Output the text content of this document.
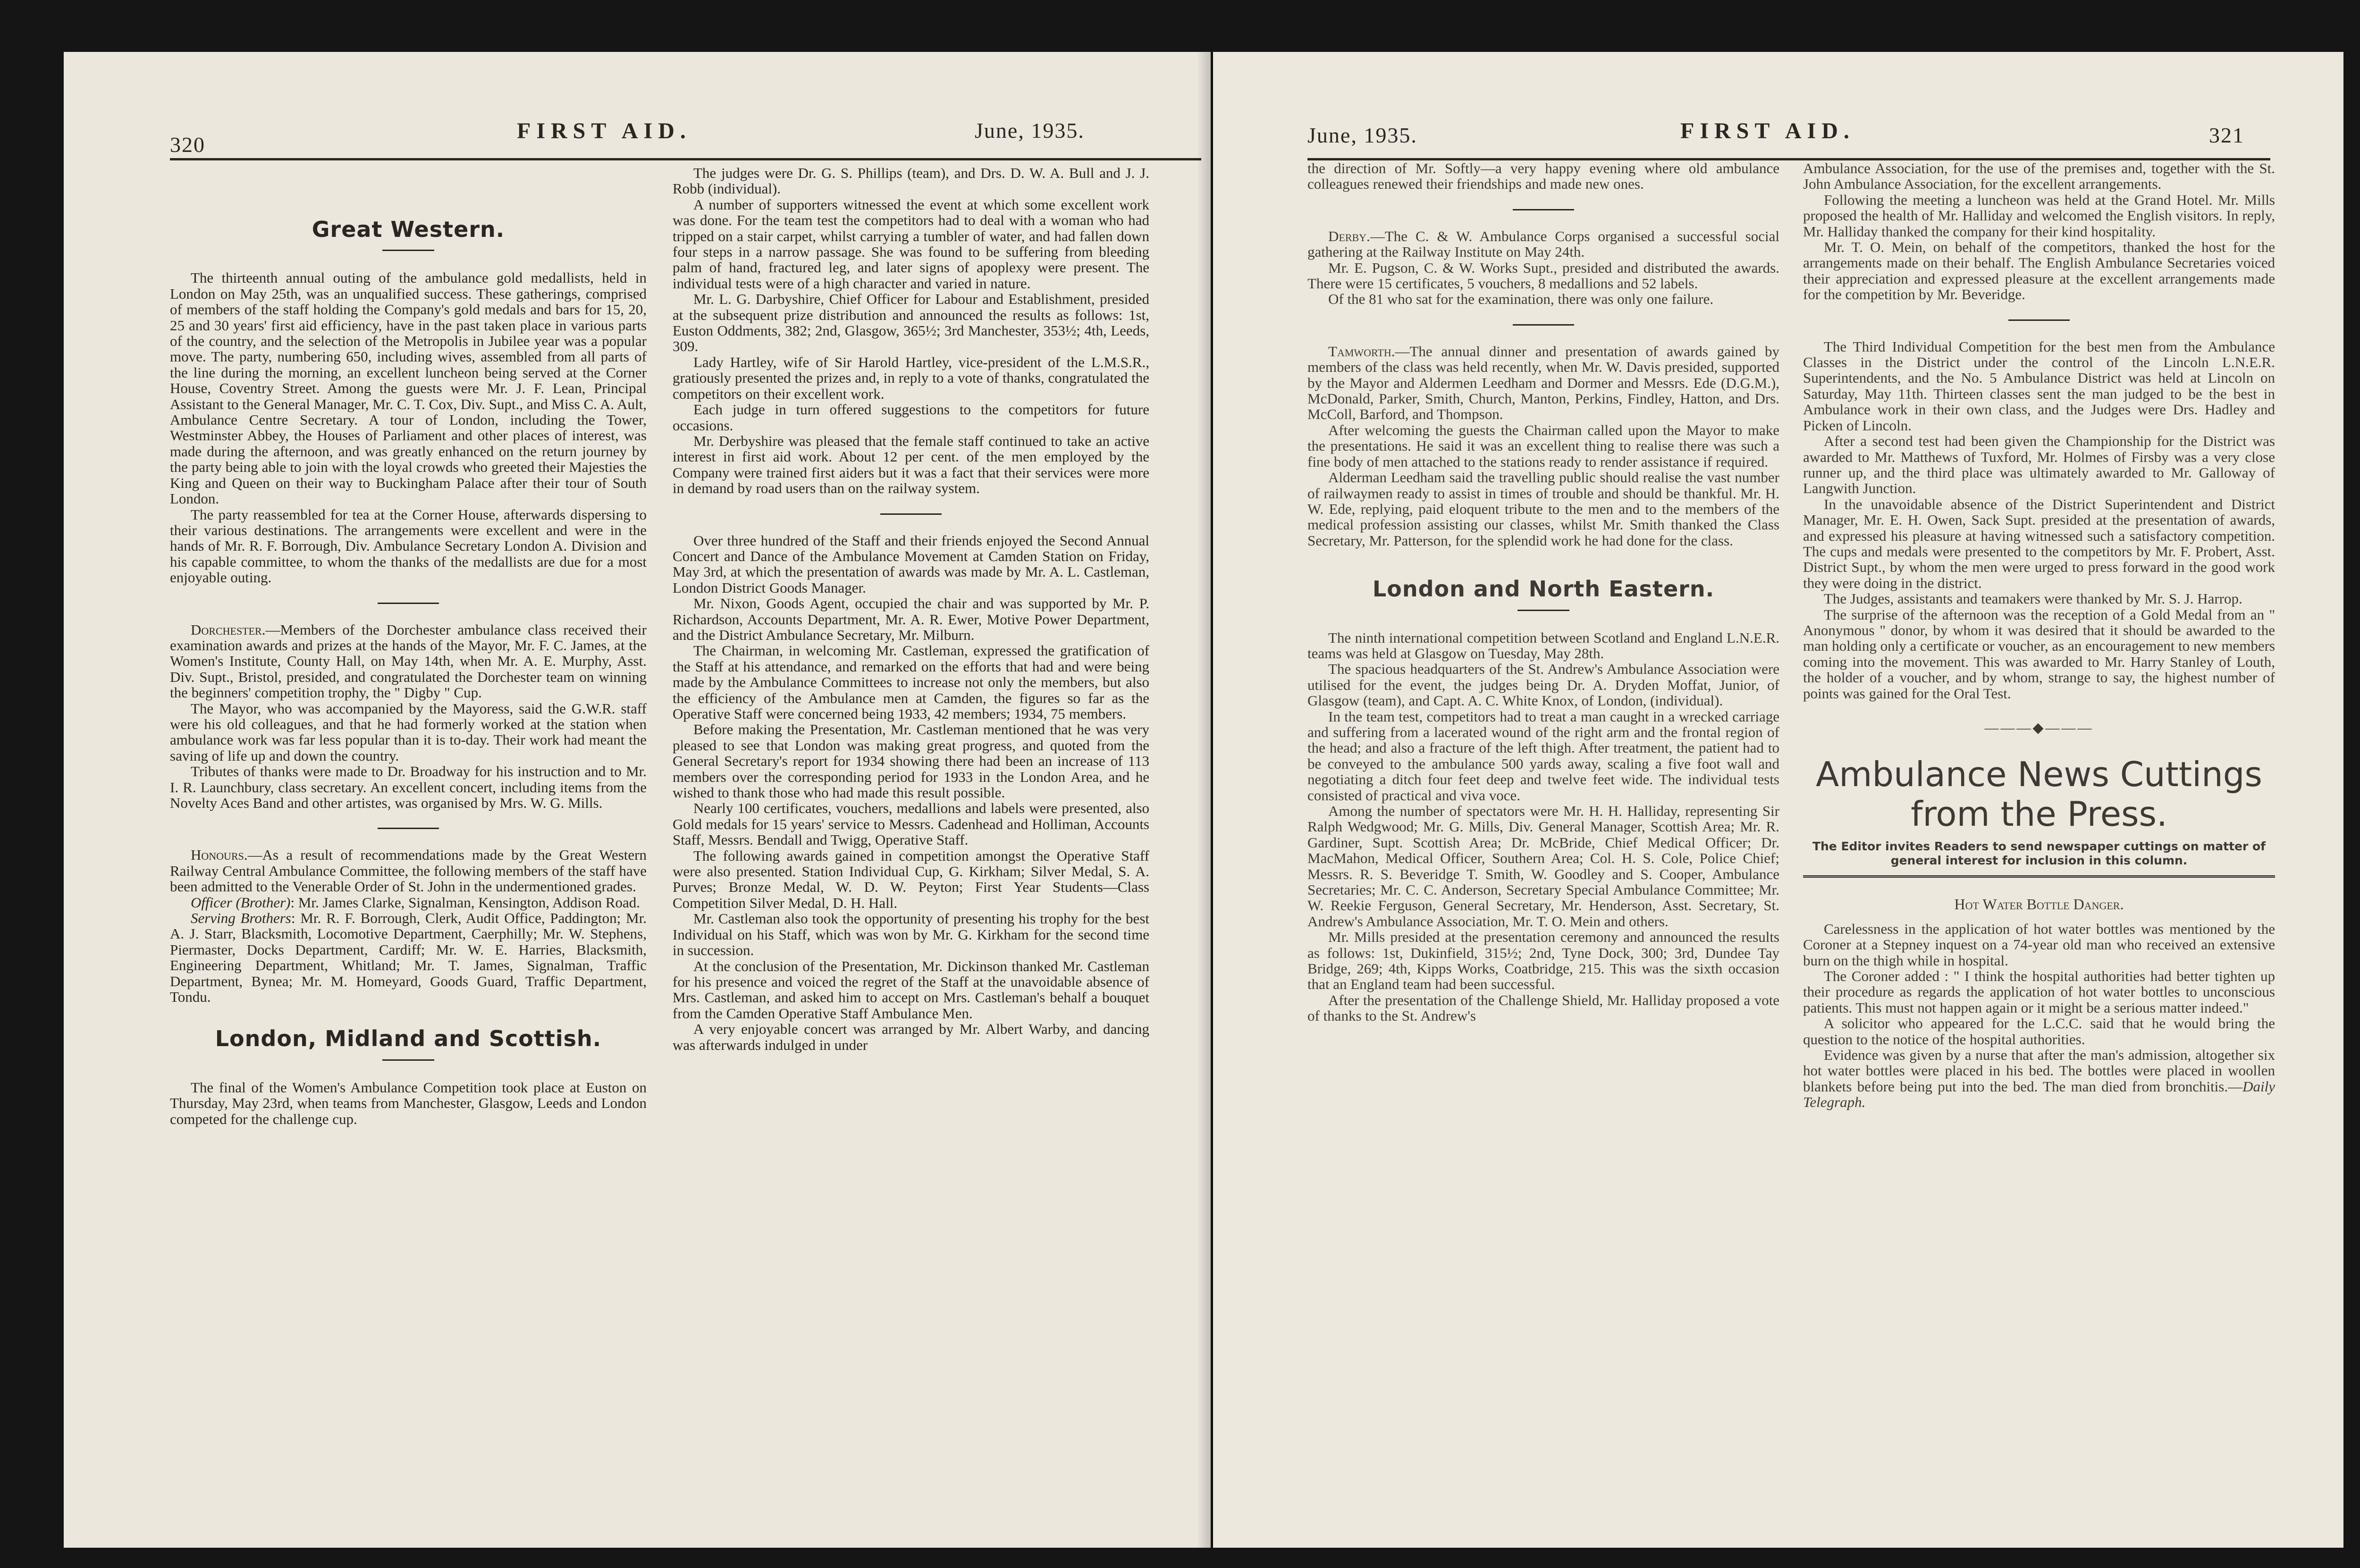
320
FIRST AID.	June, 1935.
Great Western.

The thirteenth annual outing of the ambulance gold medallists, held in London on May 25th, was an unqualified success. These gatherings, comprised of members of the staff holding the Company's gold medals and bars for 15, 20, 25 and 30 years' first aid efficiency, have in the past taken place in various parts of the country, and the selection of the Metropolis in Jubilee year was a popular move. The party, numbering 650, including wives, assembled from all parts of the line during the morning, an excellent luncheon being served at the Corner House, Coventry Street. Among the guests were Mr. J. F. Lean, Principal Assistant to the General Manager, Mr. C. T. Cox, Div. Supt., and Miss C. A. Ault, Ambulance Centre Secretary. A tour of London, including the Tower, Westminster Abbey, the Houses of Parliament and other places of interest, was made during the afternoon, and was greatly enhanced on the return journey by the party being able to join with the loyal crowds who greeted their Majesties the King and Queen on their way to Buckingham Palace after their tour of South London.

The party reassembled for tea at the Corner House, afterwards dispersing to their various destinations. The arrangements were excellent and were in the hands of Mr. R. F. Borrough, Div. Ambulance Secretary London A. Division and his capable committee, to whom the thanks of the medallists are due for a most enjoyable outing.

Dorchester.—Members of the Dorchester ambulance class received their examination awards and prizes at the hands of the Mayor, Mr. F. C. James, at the Women's Institute, County Hall, on May 14th, when Mr. A. E. Murphy, Asst. Div. Supt., Bristol, presided, and congratulated the Dorchester team on winning the beginners' competition trophy, the " Digby " Cup.

The Mayor, who was accompanied by the Mayoress, said the G.W.R. staff were his old colleagues, and that he had formerly worked at the station when ambulance work was far less popular than it is to-day. Their work had meant the saving of life up and down the country.

Tributes of thanks were made to Dr. Broadway for his instruction and to Mr. I. R. Launchbury, class secretary. An excellent concert, including items from the Novelty Aces Band and other artistes, was organised by Mrs. W. G. Mills.

Honours.—As a result of recommendations made by the Great Western Railway Central Ambulance Committee, the following members of the staff have been admitted to the Venerable Order of St. John in the undermentioned grades.

Officer (Brother): Mr. James Clarke, Signalman, Kensington, Addison Road.

Serving Brothers: Mr. R. F. Borrough, Clerk, Audit Office, Paddington; Mr. A. J. Starr, Blacksmith, Locomotive Department, Caerphilly; Mr. W. Stephens, Piermaster, Docks Department, Cardiff; Mr. W. E. Harries, Blacksmith, Engineering Department, Whitland; Mr. T. James, Signalman, Traffic Department, Bynea; Mr. M. Homeyard, Goods Guard, Traffic Department, Tondu.

London, Midland and Scottish.

The final of the Women's Ambulance Competition took place at Euston on Thursday, May 23rd, when teams from Manchester, Glasgow, Leeds and London competed for the challenge cup.

The judges were Dr. G. S. Phillips (team), and Drs. D. W. A. Bull and J. J. Robb (individual).

A number of supporters witnessed the event at which some excellent work was done. For the team test the competitors had to deal with a woman who had tripped on a stair carpet, whilst carrying a tumbler of water, and had fallen down four steps in a narrow passage. She was found to be suffering from bleeding palm of hand, fractured leg, and later signs of apoplexy were present. The individual tests were of a high character and varied in nature.

Mr. L. G. Darbyshire, Chief Officer for Labour and Establishment, presided at the subsequent prize distribution and announced the results as follows: 1st, Euston Oddments, 382; 2nd, Glasgow, 365½; 3rd Manchester, 353½; 4th, Leeds, 309.

Lady Hartley, wife of Sir Harold Hartley, vice-president of the L.M.S.R., gratiously presented the prizes and, in reply to a vote of thanks, congratulated the competitors on their excellent work.

Each judge in turn offered suggestions to the competitors for future occasions.

Mr. Derbyshire was pleased that the female staff continued to take an active interest in first aid work. About 12 per cent. of the men employed by the Company were trained first aiders but it was a fact that their services were more in demand by road users than on the railway system.

Over three hundred of the Staff and their friends enjoyed the Second Annual Concert and Dance of the Ambulance Movement at Camden Station on Friday, May 3rd, at which the presentation of awards was made by Mr. A. L. Castleman, London District Goods Manager.

Mr. Nixon, Goods Agent, occupied the chair and was supported by Mr. P. Richardson, Accounts Department, Mr. A. R. Ewer, Motive Power Department, and the District Ambulance Secretary, Mr. Milburn.

The Chairman, in welcoming Mr. Castleman, expressed the gratification of the Staff at his attendance, and remarked on the efforts that had and were being made by the Ambulance Committees to increase not only the members, but also the efficiency of the Ambulance men at Camden, the figures so far as the Operative Staff were concerned being 1933, 42 members; 1934, 75 members.

Before making the Presentation, Mr. Castleman mentioned that he was very pleased to see that London was making great progress, and quoted from the General Secretary's report for 1934 showing there had been an increase of 113 members over the corresponding period for 1933 in the London Area, and he wished to thank those who had made this result possible.

Nearly 100 certificates, vouchers, medallions and labels were presented, also Gold medals for 15 years' service to Messrs. Cadenhead and Holliman, Accounts Staff, Messrs. Bendall and Twigg, Operative Staff.

The following awards gained in competition amongst the Operative Staff were also presented. Station Individual Cup, G. Kirkham; Silver Medal, S. A. Purves; Bronze Medal, W. D. W. Peyton; First Year Students—Class Competition Silver Medal, D. H. Hall.

Mr. Castleman also took the opportunity of presenting his trophy for the best Individual on his Staff, which was won by Mr. G. Kirkham for the second time in succession.

At the conclusion of the Presentation, Mr. Dickinson thanked Mr. Castleman for his presence and voiced the regret of the Staff at the unavoidable absence of Mrs. Castleman, and asked him to accept on Mrs. Castleman's behalf a bouquet from the Camden Operative Staff Ambulance Men.

A very enjoyable concert was arranged by Mr. Albert Warby, and dancing was afterwards indulged in under

June, 1935.	FIRST AID.	321

the direction of Mr. Softly—a very happy evening where old ambulance colleagues renewed their friendships and made new ones.

Derby.—The C. & W. Ambulance Corps organised a successful social gathering at the Railway Institute on May 24th.

Mr. E. Pugson, C. & W. Works Supt., presided and distributed the awards. There were 15 certificates, 5 vouchers, 8 medallions and 52 labels.

Of the 81 who sat for the examination, there was only one failure.

Tamworth.—The annual dinner and presentation of awards gained by members of the class was held recently, when Mr. W. Davis presided, supported by the Mayor and Aldermen Leedham and Dormer and Messrs. Ede (D.G.M.), McDonald, Parker, Smith, Church, Manton, Perkins, Findley, Hatton, and Drs. McColl, Barford, and Thompson.

After welcoming the guests the Chairman called upon the Mayor to make the presentations. He said it was an excellent thing to realise there was such a fine body of men attached to the stations ready to render assistance if required.

Alderman Leedham said the travelling public should realise the vast number of railwaymen ready to assist in times of trouble and should be thankful. Mr. H. W. Ede, replying, paid eloquent tribute to the men and to the members of the medical profession assisting our classes, whilst Mr. Smith thanked the Class Secretary, Mr. Patterson, for the splendid work he had done for the class.

London and North Eastern.

The ninth international competition between Scotland and England L.N.E.R. teams was held at Glasgow on Tuesday, May 28th.

The spacious headquarters of the St. Andrew's Ambulance Association were utilised for the event, the judges being Dr. A. Dryden Moffat, Junior, of Glasgow (team), and Capt. A. C. White Knox, of London, (individual).

In the team test, competitors had to treat a man caught in a wrecked carriage and suffering from a lacerated wound of the right arm and the frontal region of the head; and also a fracture of the left thigh. After treatment, the patient had to be conveyed to the ambulance 500 yards away, scaling a five foot wall and negotiating a ditch four feet deep and twelve feet wide. The individual tests consisted of practical and viva voce.

Among the number of spectators were Mr. H. H. Halliday, representing Sir Ralph Wedgwood; Mr. G. Mills, Div. General Manager, Scottish Area; Mr. R. Gardiner, Supt. Scottish Area; Dr. McBride, Chief Medical Officer; Dr. MacMahon, Medical Officer, Southern Area; Col. H. S. Cole, Police Chief; Messrs. R. S. Beveridge T. Smith, W. Goodley and S. Cooper, Ambulance Secretaries; Mr. C. C. Anderson, Secretary Special Ambulance Committee; Mr. W. Reekie Ferguson, General Secretary, Mr. Henderson, Asst. Secretary, St. Andrew's Ambulance Association, Mr. T. O. Mein and others.

Mr. Mills presided at the presentation ceremony and announced the results as follows: 1st, Dukinfield, 315½; 2nd, Tyne Dock, 300; 3rd, Dundee Tay Bridge, 269; 4th, Kipps Works, Coatbridge, 215. This was the sixth occasion that an England team had been successful.

After the presentation of the Challenge Shield, Mr. Halliday proposed a vote of thanks to the St. Andrew's

Ambulance Association, for the use of the premises and, together with the St. John Ambulance Association, for the excellent arrangements.

Following the meeting a luncheon was held at the Grand Hotel. Mr. Mills proposed the health of Mr. Halliday and welcomed the English visitors. In reply, Mr. Halliday thanked the company for their kind hospitality.

Mr. T. O. Mein, on behalf of the competitors, thanked the host for the arrangements made on their behalf. The English Ambulance Secretaries voiced their appreciation and expressed pleasure at the excellent arrangements made for the competition by Mr. Beveridge.

The Third Individual Competition for the best men from the Ambulance Classes in the District under the control of the Lincoln L.N.E.R. Superintendents, and the No. 5 Ambulance District was held at Lincoln on Saturday, May 11th. Thirteen classes sent the man judged to be the best in Ambulance work in their own class, and the Judges were Drs. Hadley and Picken of Lincoln.

After a second test had been given the Championship for the District was awarded to Mr. Matthews of Tuxford, Mr. Holmes of Firsby was a very close runner up, and the third place was ultimately awarded to Mr. Galloway of Langwith Junction.

In the unavoidable absence of the District Superintendent and District Manager, Mr. E. H. Owen, Sack Supt. presided at the presentation of awards, and expressed his pleasure at having witnessed such a satisfactory competition. The cups and medals were presented to the competitors by Mr. F. Probert, Asst. District Supt., by whom the men were urged to press forward in the good work they were doing in the district.

The Judges, assistants and teamakers were thanked by Mr. S. J. Harrop.

The surprise of the afternoon was the reception of a Gold Medal from an " Anonymous " donor, by whom it was desired that it should be awarded to the man holding only a certificate or voucher, as an encouragement to new members coming into the movement. This was awarded to Mr. Harry Stanley of Louth, the holder of a voucher, and by whom, strange to say, the highest number of points was gained for the Oral Test.

———◆———
Ambulance News Cuttings
from the Press.
The Editor invites Readers to send newspaper cuttings on matter of general interest for inclusion in this column.
Hot Water Bottle Danger.

Carelessness in the application of hot water bottles was mentioned by the Coroner at a Stepney inquest on a 74-year old man who received an extensive burn on the thigh while in hospital.

The Coroner added : " I think the hospital authorities had better tighten up their procedure as regards the application of hot water bottles to unconscious patients. This must not happen again or it might be a serious matter indeed."

A solicitor who appeared for the L.C.C. said that he would bring the question to the notice of the hospital authorities.

Evidence was given by a nurse that after the man's admission, altogether six hot water bottles were placed in his bed. The bottles were placed in woollen blankets before being put into the bed. The man died from bronchitis.—Daily Telegraph.
